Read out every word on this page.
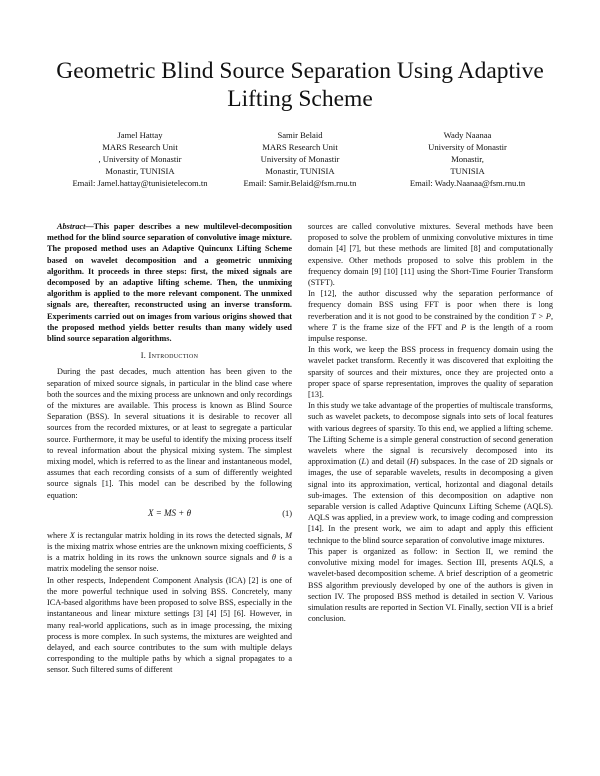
Geometric Blind Source Separation Using Adaptive Lifting Scheme
Jamel Hattay
MARS Research Unit
, University of Monastir
Monastir, TUNISIA
Email: Jamel.hattay@tunisietelecom.tn
Samir Belaid
MARS Research Unit
University of Monastir
Monastir, TUNISIA
Email: Samir.Belaid@fsm.rnu.tn
Wady Naanaa
University of Monastir
Monastir,
TUNISIA
Email: Wady.Naanaa@fsm.rnu.tn

Abstract—This paper describes a new multilevel-decomposition method for the blind source separation of convolutive image mixture. The proposed method uses an Adaptive Quincunx Lifting Scheme based on wavelet decomposition and a geometric unmixing algorithm. It proceeds in three steps: first, the mixed signals are decomposed by an adaptive lifting scheme. Then, the unmixing algorithm is applied to the more relevant component. The unmixed signals are, thereafter, reconstructed using an inverse transform. Experiments carried out on images from various origins showed that the proposed method yields better results than many widely used blind source separation algorithms.

I. Introduction

During the past decades, much attention has been given to the separation of mixed source signals, in particular in the blind case where both the sources and the mixing process are unknown and only recordings of the mixtures are available. This process is known as Blind Source Separation (BSS). In several situations it is desirable to recover all sources from the recorded mixtures, or at least to segregate a particular source. Furthermore, it may be useful to identify the mixing process itself to reveal information about the physical mixing system. The simplest mixing model, which is referred to as the linear and instantaneous model, assumes that each recording consists of a sum of differently weighted source signals [1]. This model can be described by the following equation:

X = MS + θ	(1)

where X is rectangular matrix holding in its rows the detected signals, M is the mixing matrix whose entries are the unknown mixing coefficients, S is a matrix holding in its rows the unknown source signals and θ is a matrix modeling the sensor noise.

In other respects, Independent Component Analysis (ICA) [2] is one of the more powerful technique used in solving BSS. Concretely, many ICA-based algorithms have been proposed to solve BSS, especially in the instantaneous and linear mixture settings [3] [4] [5] [6]. However, in many real-world applications, such as in image processing, the mixing process is more complex. In such systems, the mixtures are weighted and delayed, and each source contributes to the sum with multiple delays corresponding to the multiple paths by which a signal propagates to a sensor. Such filtered sums of different

sources are called convolutive mixtures. Several methods have been proposed to solve the problem of unmixing convolutive mixtures in time domain [4] [7], but these methods are limited [8] and computationally expensive. Other methods proposed to solve this problem in the frequency domain [9] [10] [11] using the Short-Time Fourier Transform (STFT).

In [12], the author discussed why the separation performance of frequency domain BSS using FFT is poor when there is long reverberation and it is not good to be constrained by the condition T > P, where T is the frame size of the FFT and P is the length of a room impulse response.

In this work, we keep the BSS process in frequency domain using the wavelet packet transform. Recently it was discovered that exploiting the sparsity of sources and their mixtures, once they are projected onto a proper space of sparse representation, improves the quality of separation [13].

In this study we take advantage of the properties of multiscale transforms, such as wavelet packets, to decompose signals into sets of local features with various degrees of sparsity. To this end, we applied a lifting scheme. The Lifting Scheme is a simple general construction of second generation wavelets where the signal is recursively decomposed into its approximation (L) and detail (H) subspaces. In the case of 2D signals or images, the use of separable wavelets, results in decomposing a given signal into its approximation, vertical, horizontal and diagonal details sub-images. The extension of this decomposition on adaptive non separable version is called Adaptive Quincunx Lifting Scheme (AQLS). AQLS was applied, in a preview work, to image coding and compression [14]. In the present work, we aim to adapt and apply this efficient technique to the blind source separation of convolutive image mixtures.

This paper is organized as follow: in Section II, we remind the convolutive mixing model for images. Section III, presents AQLS, a wavelet-based decomposition scheme. A brief description of a geometric BSS algorithm previously developed by one of the authors is given in section IV. The proposed BSS method is detailed in section V. Various simulation results are reported in Section VI. Finally, section VII is a brief conclusion.
